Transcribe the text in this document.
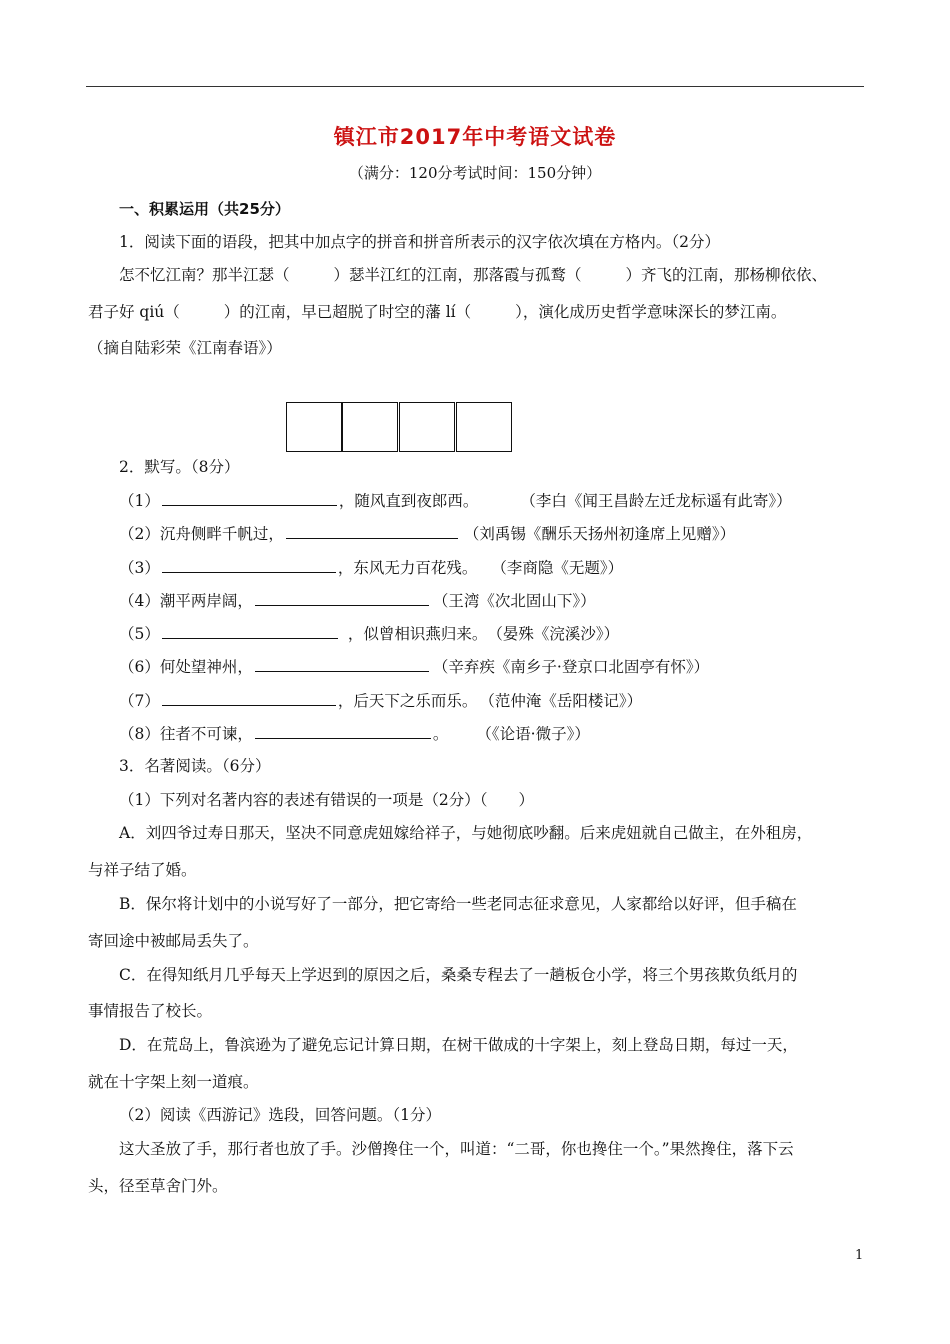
镇江市2017年中考语文试卷
（满分：120分考试时间：150分钟）
一、积累运用（共25分）
1．阅读下面的语段，把其中加点字的拼音和拼音所表示的汉字依次填在方格内。（2分）
怎不忆江南？那半江瑟（	）瑟半江红的江南，那落霞与孤鹜（	）齐飞的江南，那杨柳依依、
君子好 qiú（	）的江南，早已超脱了时空的藩 lí（	），演化成历史哲学意味深长的梦江南。
（摘自陆彩荣《江南春语》）
2．默写。（8分）
（1）	，随风直到夜郎西。	（李白《闻王昌龄左迁龙标遥有此寄》）
（2）沉舟侧畔千帆过，	（刘禹锡《酬乐天扬州初逢席上见赠》）
（3）	，东风无力百花残。 （李商隐《无题》）
（4）潮平两岸阔，	（王湾《次北固山下》）
（5）	，似曾相识燕归来。（晏殊《浣溪沙》）
（6）何处望神州，	（辛弃疾《南乡子·登京口北固亭有怀》）
（7）	，后天下之乐而乐。 （范仲淹《岳阳楼记》）
（8）往者不可谏，	。 （《论语·微子》）
3．名著阅读。（6分）
（1）下列对名著内容的表述有错误的一项是（2分）（　　）
A．刘四爷过寿日那天，坚决不同意虎妞嫁给祥子，与她彻底吵翻。后来虎妞就自己做主，在外租房，
与祥子结了婚。
B．保尔将计划中的小说写好了一部分，把它寄给一些老同志征求意见，人家都给以好评，但手稿在
寄回途中被邮局丢失了。
C．在得知纸月几乎每天上学迟到的原因之后，桑桑专程去了一趟板仓小学，将三个男孩欺负纸月的
事情报告了校长。
D．在荒岛上，鲁滨逊为了避免忘记计算日期，在树干做成的十字架上，刻上登岛日期，每过一天，
就在十字架上刻一道痕。
（2）阅读《西游记》选段，回答问题。（1分）
这大圣放了手，那行者也放了手。沙僧搀住一个，叫道：“二哥，你也搀住一个。”果然搀住，落下云
头，径至草舍门外。
1
